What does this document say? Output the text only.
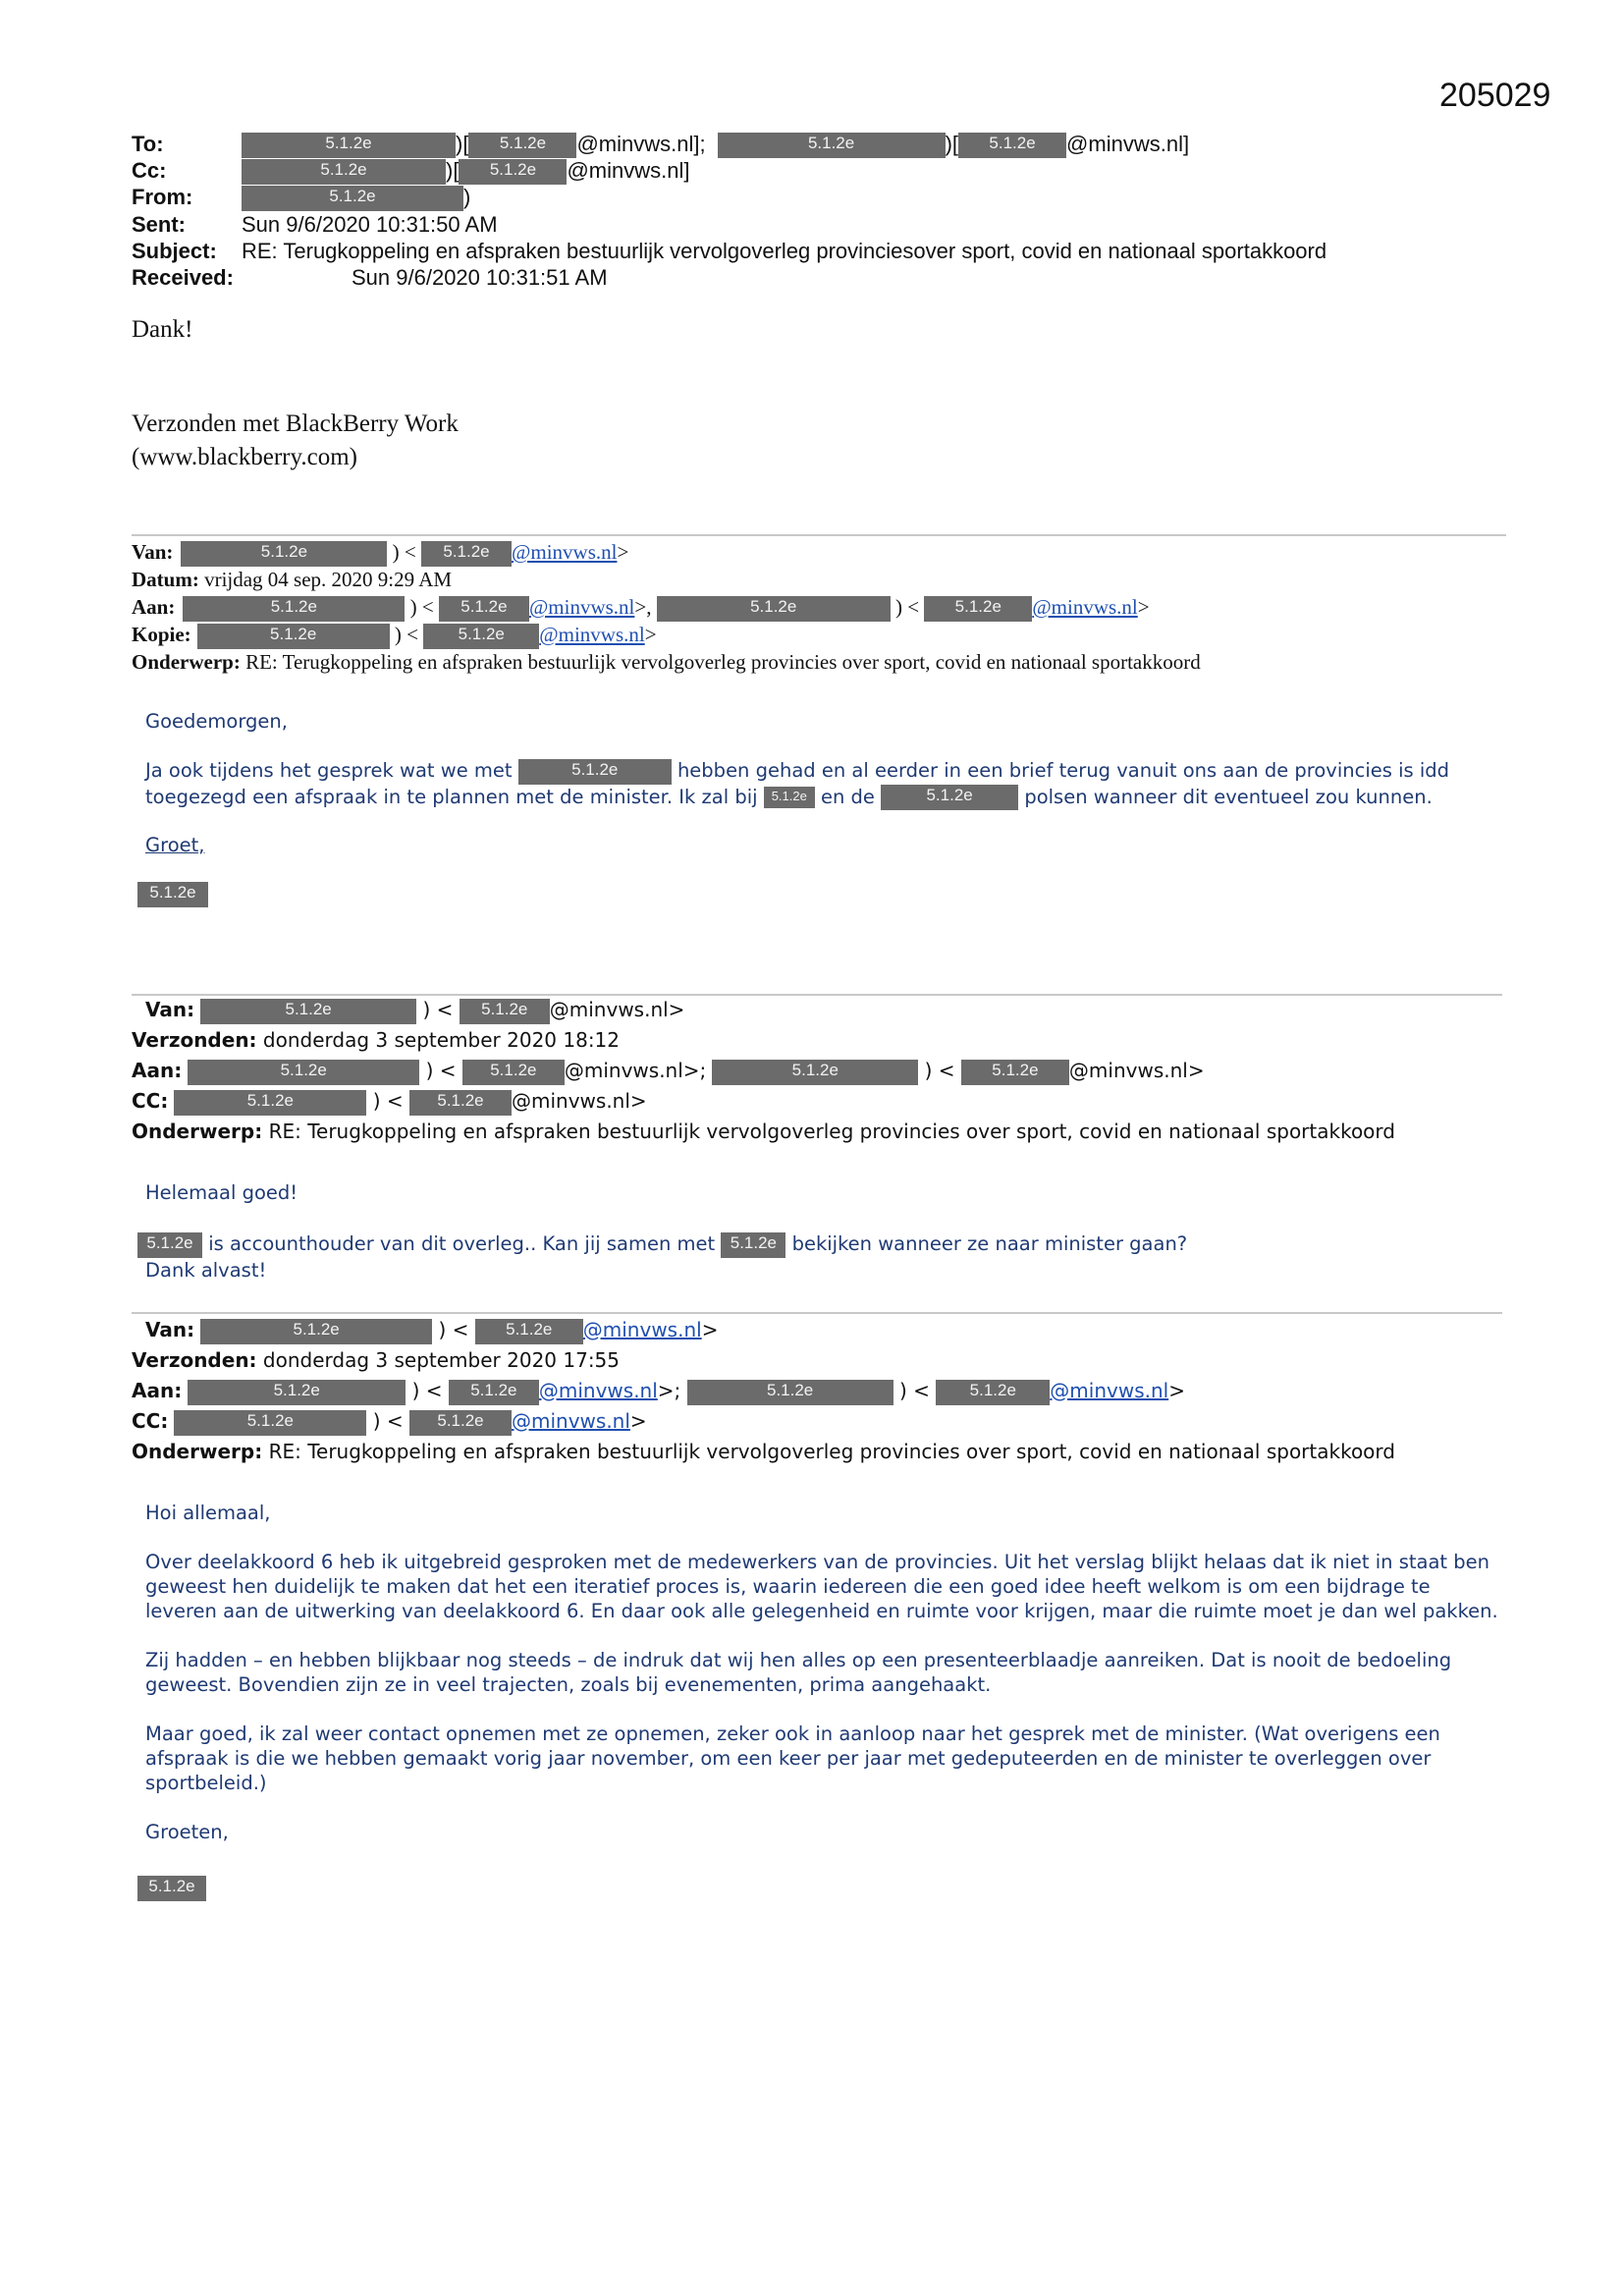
205029
To:	5.1.2e	)[ 5.1.2e @minvws.nl];	5.1.2e	)[ 5.1.2e @minvws.nl]
Cc:	5.1.2e	)[ 5.1.2e @minvws.nl]
From:	5.1.2e	)
Sent:	Sun 9/6/2020 10:31:50 AM
Subject: RE: Terugkoppeling en afspraken bestuurlijk vervolgoverleg provinciesover sport, covid en nationaal sportakkoord
Received:	Sun 9/6/2020 10:31:51 AM
Dank!
Verzonden met BlackBerry Work
(www.blackberry.com)
Van:	5.1.2e	) < 5.1.2e @minvws.nl>
Datum: vrijdag 04 sep. 2020 9:29 AM
Aan:	5.1.2e	) < 5.1.2e @minvws.nl>,	5.1.2e	) < 5.1.2e @minvws.nl>
Kopie:	5.1.2e	) < 5.1.2e @minvws.nl>
Onderwerp: RE: Terugkoppeling en afspraken bestuurlijk vervolgoverleg provincies over sport, covid en nationaal sportakkoord

Goedemorgen,

Ja ook tijdens het gesprek wat we met	5.1.2e	hebben gehad en al eerder in een brief terug vanuit ons aan de provincies is idd toegezegd een afspraak in te plannen met de minister. Ik zal bij 5.1.2e en de	5.1.2e	polsen wanneer dit eventueel zou kunnen.

Groet,
5.1.2e
Van:	5.1.2e	) < 5.1.2e @minvws.nl>
Verzonden: donderdag 3 september 2020 18:12
Aan:	5.1.2e	) < 5.1.2e @minvws.nl>;	5.1.2e	) < 5.1.2e @minvws.nl>
CC:	5.1.2e	) < 5.1.2e @minvws.nl>
Onderwerp: RE: Terugkoppeling en afspraken bestuurlijk vervolgoverleg provincies over sport, covid en nationaal sportakkoord

Helemaal goed!

5.1.2e is accounthouder van dit overleg.. Kan jij samen met 5.1.2e bekijken wanneer ze naar minister gaan?
Dank alvast!
Van:	5.1.2e	) < 5.1.2e @minvws.nl>
Verzonden: donderdag 3 september 2020 17:55
Aan:	5.1.2e	) < 5.1.2e @minvws.nl>;	5.1.2e	) < 5.1.2e @minvws.nl>
CC:	5.1.2e	) < 5.1.2e @minvws.nl>
Onderwerp: RE: Terugkoppeling en afspraken bestuurlijk vervolgoverleg provincies over sport, covid en nationaal sportakkoord

Hoi allemaal,

Over deelakkoord 6 heb ik uitgebreid gesproken met de medewerkers van de provincies. Uit het verslag blijkt helaas dat ik niet in staat ben geweest hen duidelijk te maken dat het een iteratief proces is, waarin iedereen die een goed idee heeft welkom is om een bijdrage te leveren aan de uitwerking van deelakkoord 6. En daar ook alle gelegenheid en ruimte voor krijgen, maar die ruimte moet je dan wel pakken.

Zij hadden – en hebben blijkbaar nog steeds – de indruk dat wij hen alles op een presenteerblaadje aanreiken. Dat is nooit de bedoeling geweest. Bovendien zijn ze in veel trajecten, zoals bij evenementen, prima aangehaakt.

Maar goed, ik zal weer contact opnemen met ze opnemen, zeker ook in aanloop naar het gesprek met de minister. (Wat overigens een afspraak is die we hebben gemaakt vorig jaar november, om een keer per jaar met gedeputeerden en de minister te overleggen over sportbeleid.)

Groeten,
5.1.2e
